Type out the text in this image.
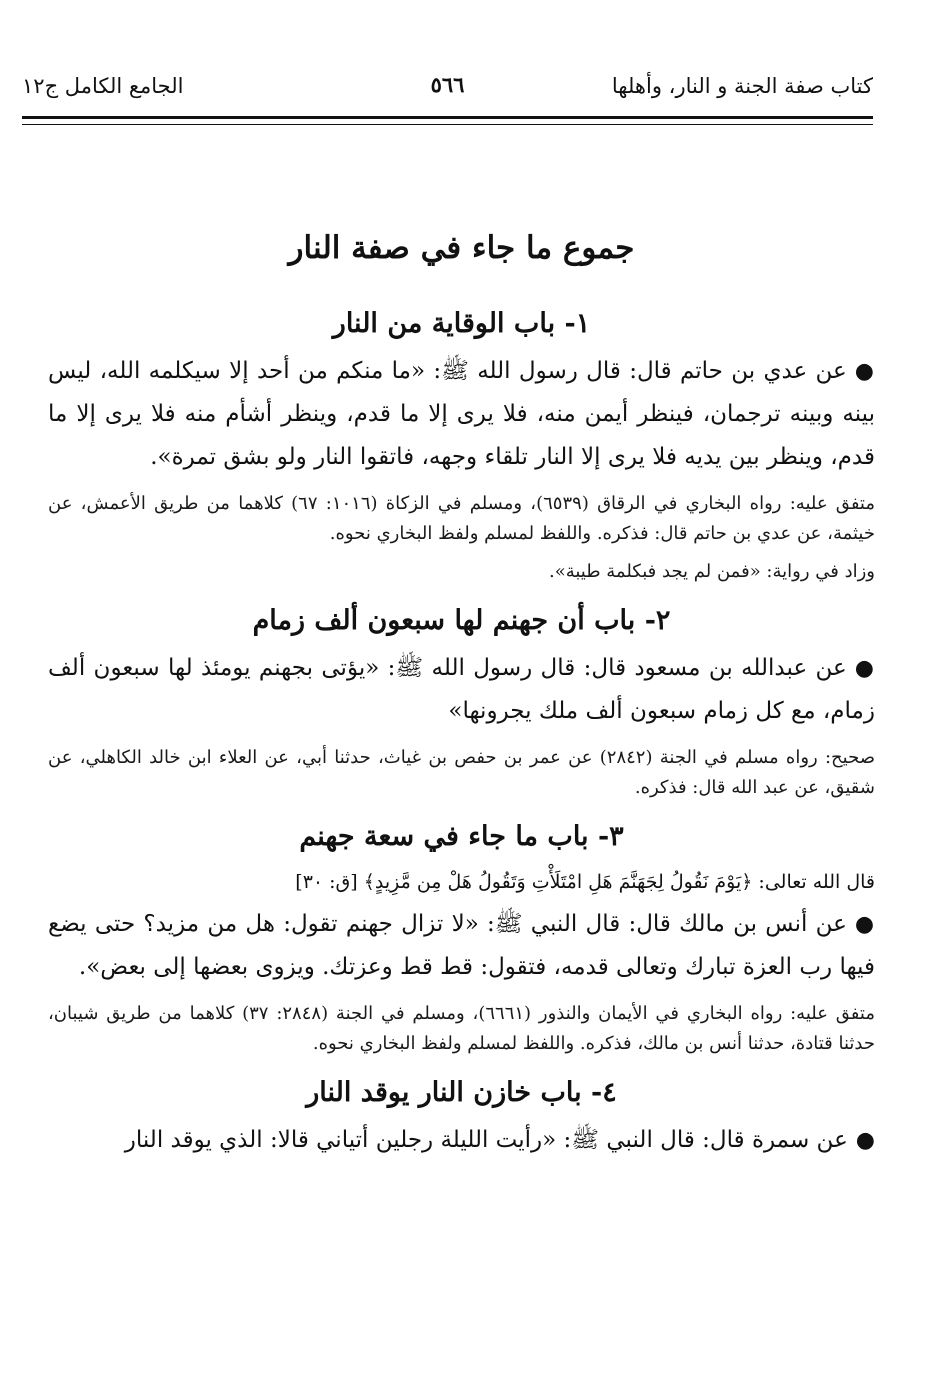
كتاب صفة الجنة و النار، وأهلها
٥٦٦
الجامع الكامل ج١٢
جموع ما جاء في صفة النار
١- باب الوقاية من النار

●عن عدي بن حاتم قال: قال رسول الله ﷺ: «ما منكم من أحد إلا سيكلمه الله، ليس بينه وبينه ترجمان، فينظر أيمن منه، فلا يرى إلا ما قدم، وينظر أشأم منه فلا يرى إلا ما قدم، وينظر بين يديه فلا يرى إلا النار تلقاء وجهه، فاتقوا النار ولو بشق تمرة».

متفق عليه: رواه البخاري في الرقاق (٦٥٣٩)، ومسلم في الزكاة (١٠١٦: ٦٧) كلاهما من طريق الأعمش، عن خيثمة، عن عدي بن حاتم قال: فذكره. واللفظ لمسلم ولفظ البخاري نحوه.

وزاد في رواية: «فمن لم يجد فبكلمة طيبة».

٢- باب أن جهنم لها سبعون ألف زمام

●عن عبدالله بن مسعود قال: قال رسول الله ﷺ: «يؤتى بجهنم يومئذ لها سبعون ألف زمام، مع كل زمام سبعون ألف ملك يجرونها»

صحيح: رواه مسلم في الجنة (٢٨٤٢) عن عمر بن حفص بن غياث، حدثنا أبي، عن العلاء ابن خالد الكاهلي، عن شقيق، عن عبد الله قال: فذكره.

٣- باب ما جاء في سعة جهنم

قال الله تعالى: ﴿يَوْمَ نَقُولُ لِجَهَنَّمَ هَلِ امْتَلَأْتِ وَتَقُولُ هَلْ مِن مَّزِيدٍ﴾ [ق: ٣٠]

●عن أنس بن مالك قال: قال النبي ﷺ: «لا تزال جهنم تقول: هل من مزيد؟ حتى يضع فيها رب العزة تبارك وتعالى قدمه، فتقول: قط قط وعزتك. ويزوى بعضها إلى بعض».

متفق عليه: رواه البخاري في الأيمان والنذور (٦٦٦١)، ومسلم في الجنة (٢٨٤٨: ٣٧) كلاهما من طريق شيبان، حدثنا قتادة، حدثنا أنس بن مالك، فذكره. واللفظ لمسلم ولفظ البخاري نحوه.

٤- باب خازن النار يوقد النار

●عن سمرة قال: قال النبي ﷺ: «رأيت الليلة رجلين أتياني قالا: الذي يوقد النار
